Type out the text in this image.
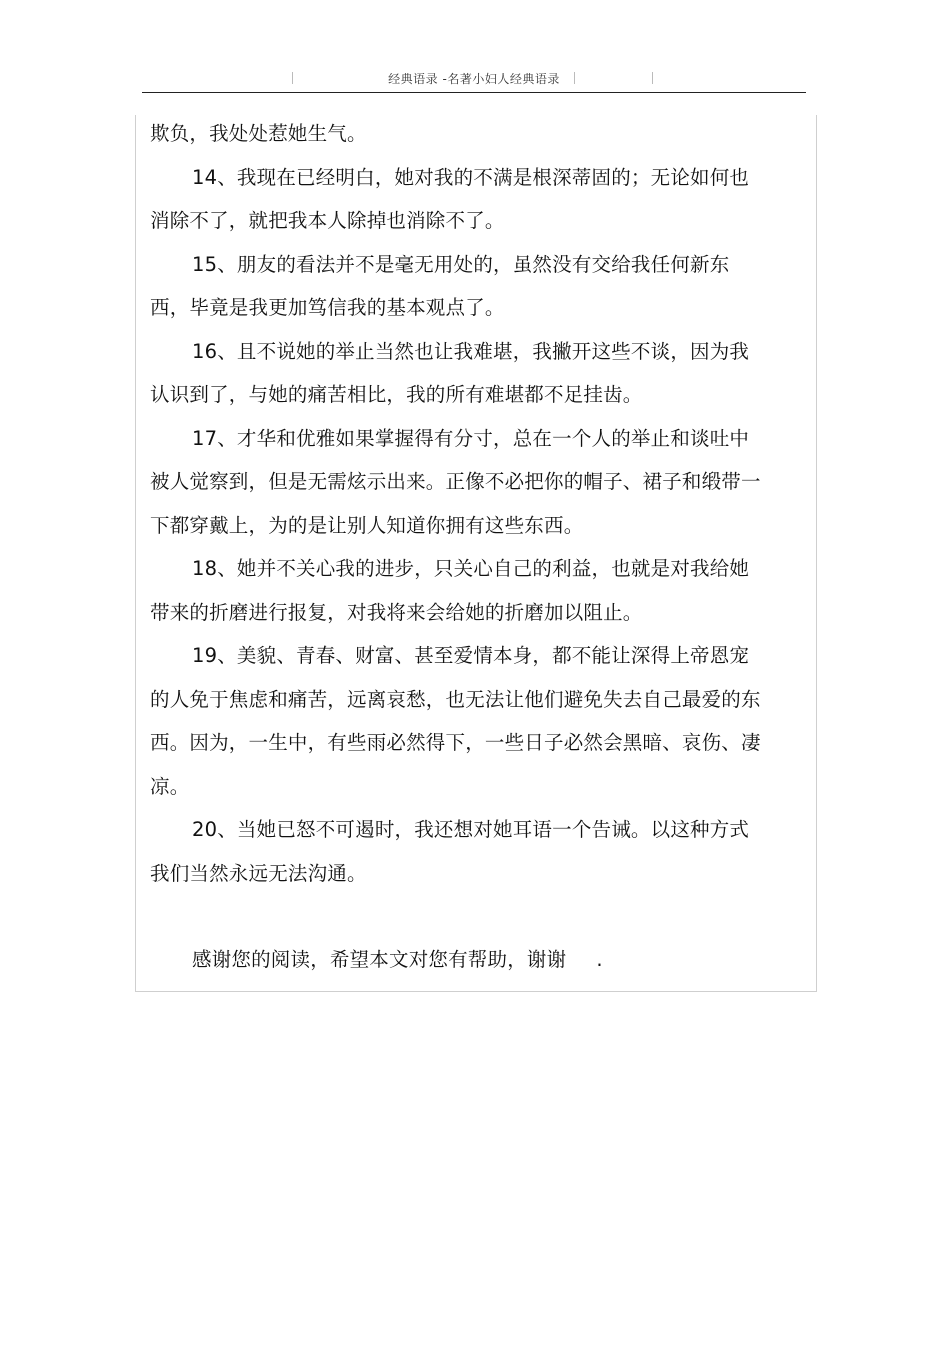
经典语录 -名著小妇人经典语录

欺负，我处处惹她生气。

14、我现在已经明白，她对我的不满是根深蒂固的；无论如何也消除不了，就把我本人除掉也消除不了。

15、朋友的看法并不是毫无用处的，虽然没有交给我任何新东西，毕竟是我更加笃信我的基本观点了。

16、且不说她的举止当然也让我难堪，我撇开这些不谈，因为我认识到了，与她的痛苦相比，我的所有难堪都不足挂齿。

17、才华和优雅如果掌握得有分寸，总在一个人的举止和谈吐中被人觉察到，但是无需炫示出来。正像不必把你的帽子、裙子和缎带一下都穿戴上，为的是让别人知道你拥有这些东西。

18、她并不关心我的进步，只关心自己的利益，也就是对我给她带来的折磨进行报复，对我将来会给她的折磨加以阻止。

19、美貌、青春、财富、甚至爱情本身，都不能让深得上帝恩宠的人免于焦虑和痛苦，远离哀愁，也无法让他们避免失去自己最爱的东西。因为，一生中，有些雨必然得下，一些日子必然会黑暗、哀伤、凄凉。

20、当她已怒不可遏时，我还想对她耳语一个告诫。以这种方式我们当然永远无法沟通。

感谢您的阅读，希望本文对您有帮助，谢谢 .
